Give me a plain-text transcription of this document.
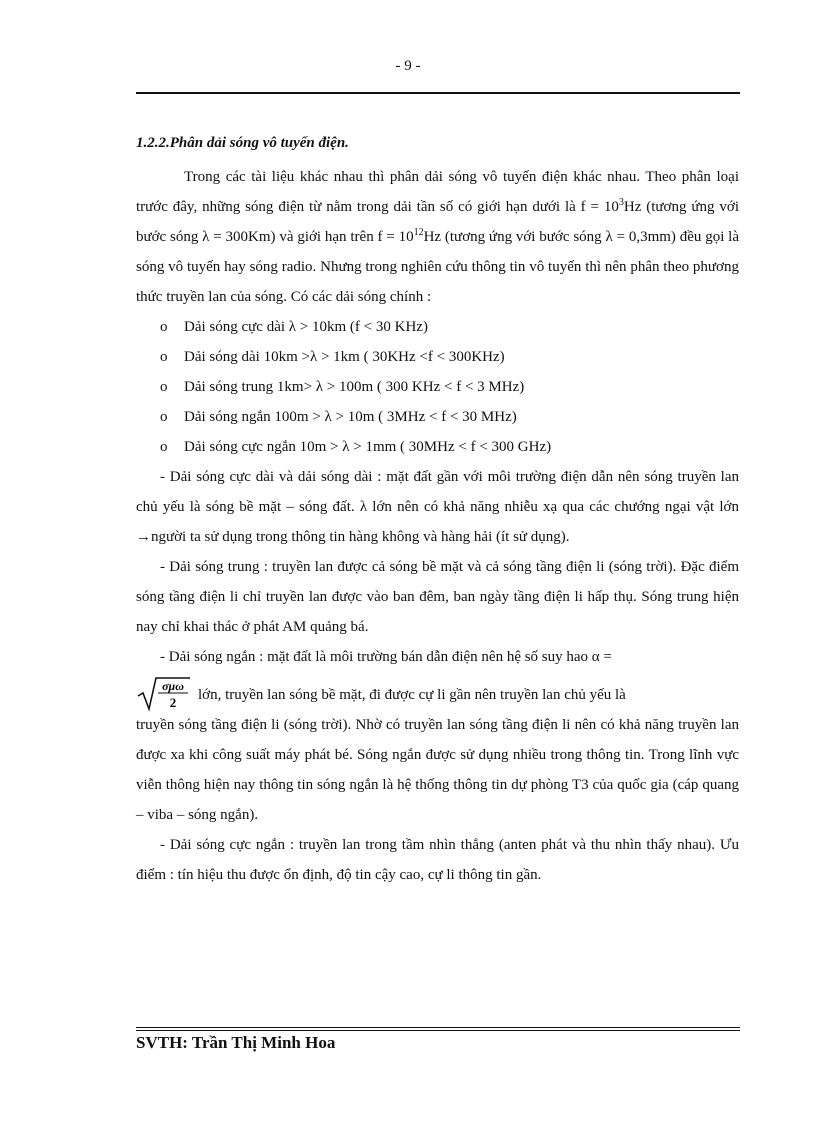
- 9 -
1.2.2.Phân dải sóng vô tuyến điện.

Trong các tài liệu khác nhau thì phân dải sóng vô tuyến điện khác nhau. Theo phân loại trước đây, những sóng điện từ nằm trong dải tần số có giới hạn dưới là $f = 10^3Hz$ (tương ứng với bước sóng λ = 300Km) và giới hạn trên $f = 10^{12}Hz$ (tương ứng với bước sóng λ = 0,3mm) đều gọi là sóng vô tuyến hay sóng radio. Nhưng trong nghiên cứu thông tin vô tuyến thì nên phân theo phương thức truyền lan của sóng. Có các dải sóng chính :

o Dải sóng cực dài λ > 10km (f < 30 KHz)
o Dải sóng dài 10km >λ > 1km ( 30KHz <f < 300KHz)
o Dải sóng trung 1km> λ > 100m ( 300 KHz < f < 3 MHz)
o Dải sóng ngắn 100m > λ > 10m ( 3MHz < f < 30 MHz)
o Dải sóng cực ngắn 10m > λ > 1mm ( 30MHz < f < 300 GHz)

- Dải sóng cực dài và dải sóng dài : mặt đất gần với môi trường điện dẫn nên sóng truyền lan chủ yếu là sóng bề mặt – sóng đất. λ lớn nên có khả năng nhiễu xạ qua các chướng ngại vật lớn →người ta sử dụng trong thông tin hàng không và hàng hải (ít sử dụng).

- Dải sóng trung : truyền lan được cả sóng bề mặt và cả sóng tầng điện li (sóng trời). Đặc điểm sóng tầng điện li chỉ truyền lan được vào ban đêm, ban ngày tầng điện li hấp thụ. Sóng trung hiện nay chỉ khai thác ở phát AM quảng bá.

- Dải sóng ngắn : mặt đất là môi trường bán dẫn điện nên hệ số suy hao α =

σμω
2 lớn, truyền lan sóng bề mặt, đi được cự li gần nên truyền lan chủ yếu là

truyền sóng tầng điện li (sóng trời). Nhờ có truyền lan sóng tầng điện li nên có khả năng truyền lan được xa khi công suất máy phát bé. Sóng ngắn được sử dụng nhiều trong thông tin. Trong lĩnh vực viễn thông hiện nay thông tin sóng ngắn là hệ thống thông tin dự phòng T3 của quốc gia (cáp quang – viba – sóng ngắn).

- Dải sóng cực ngắn : truyền lan trong tầm nhìn thẳng (anten phát và thu nhìn thấy nhau). Ưu điểm : tín hiệu thu được ổn định, độ tin cậy cao, cự li thông tin gần.

SVTH: Trần Thị Minh Hoa
